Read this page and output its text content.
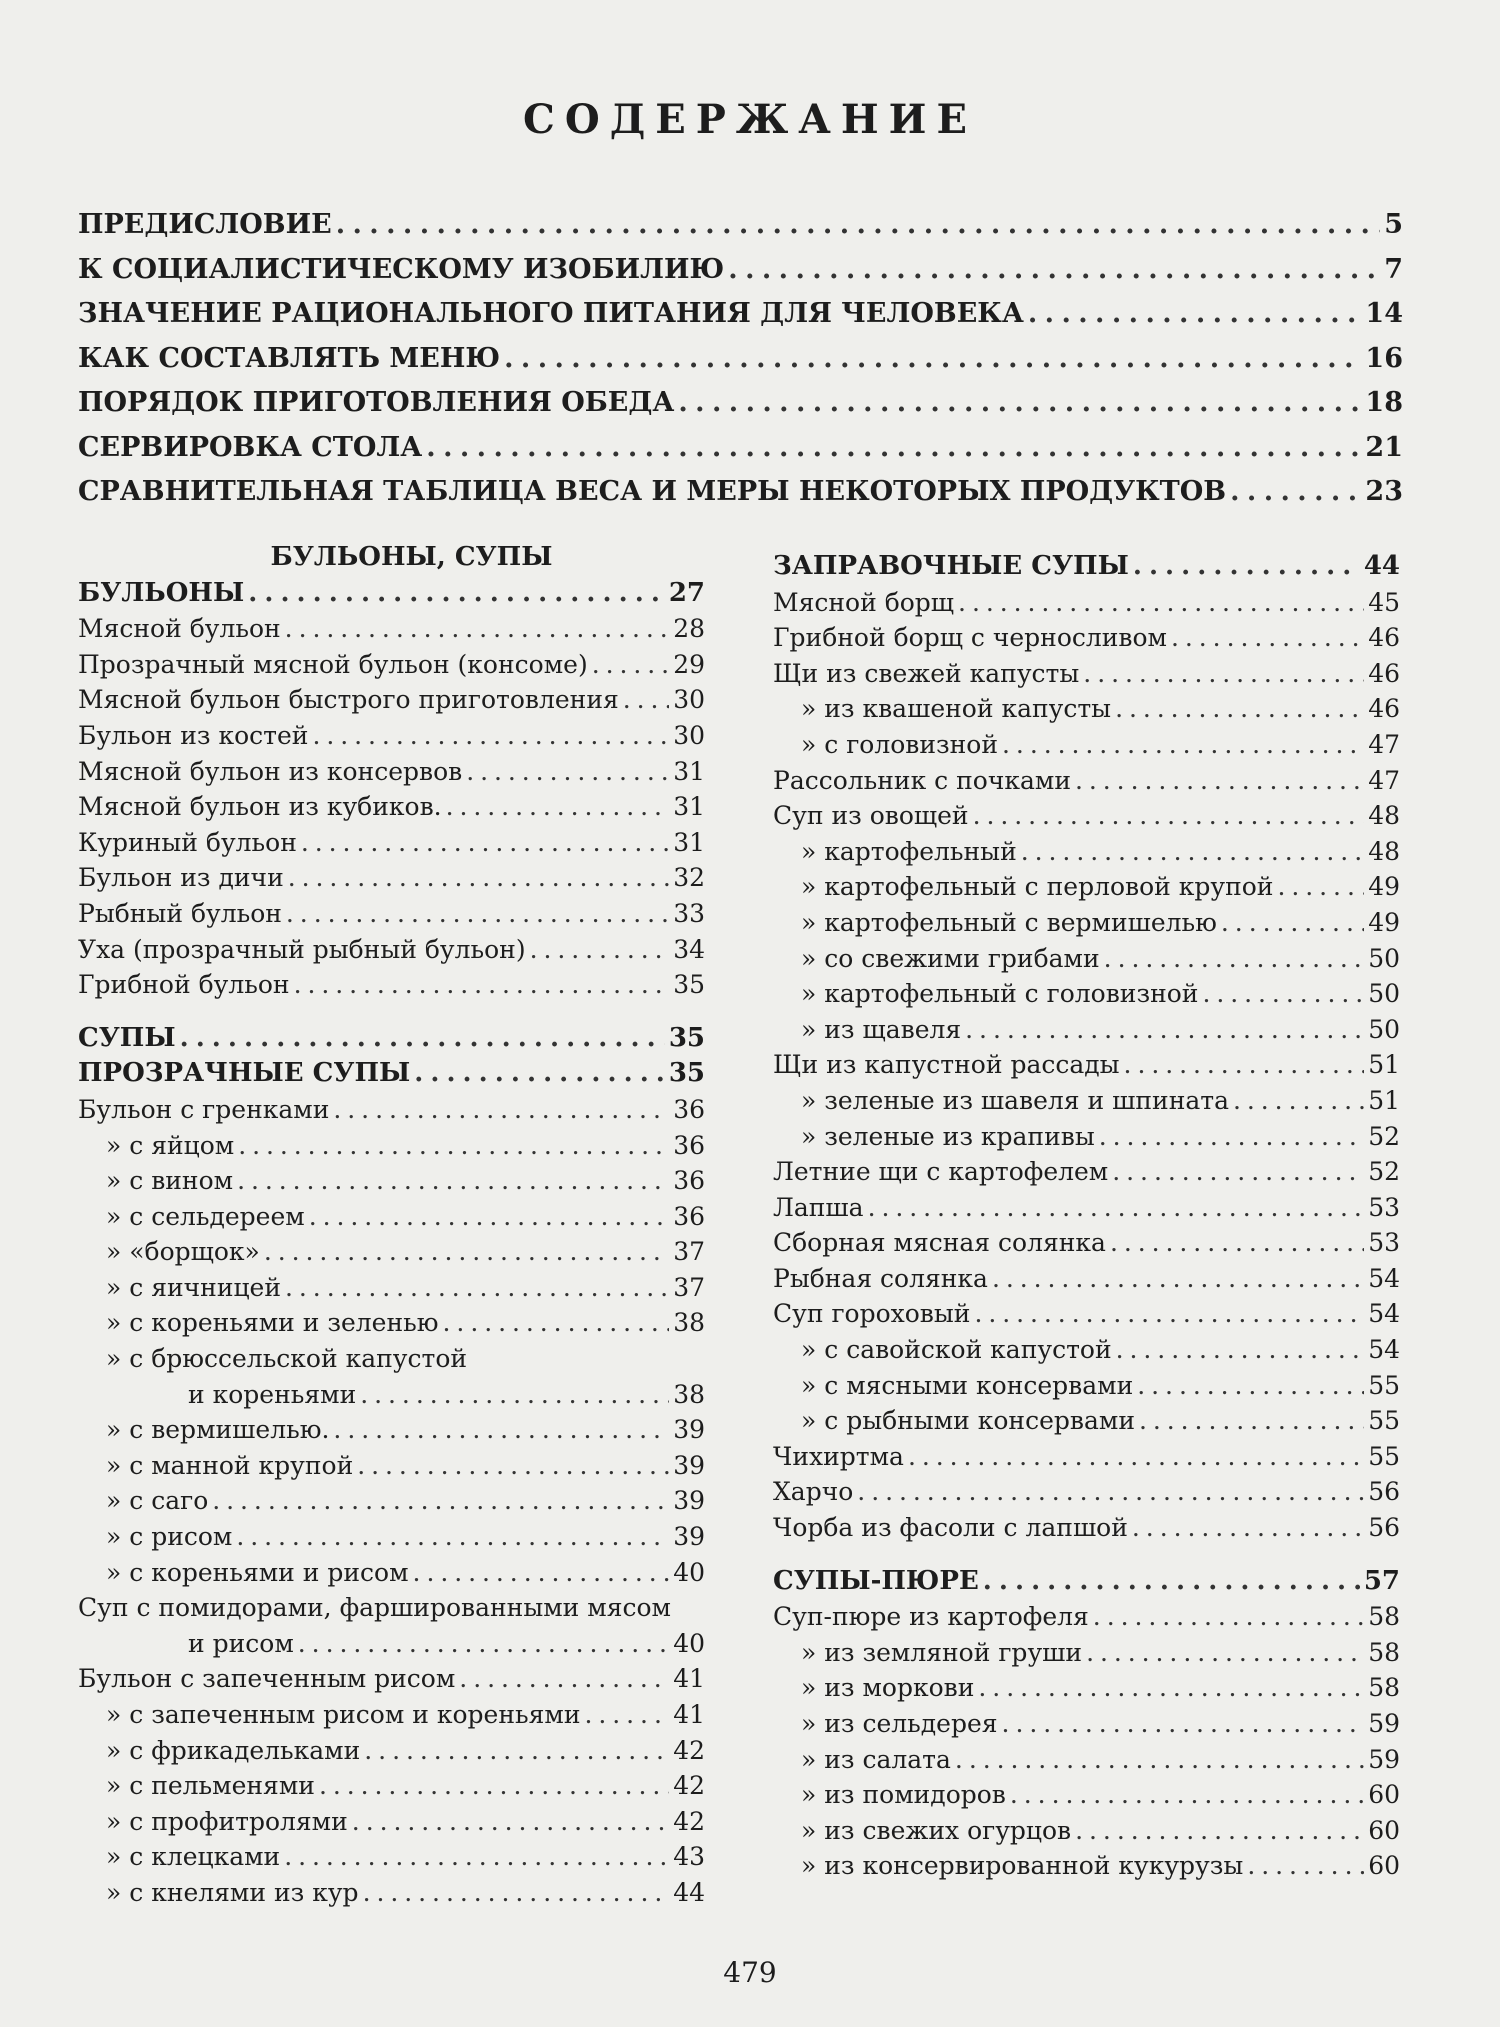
СОДЕРЖАНИЕ
ПРЕДИСЛОВИЕ . . .	5
К СОЦИАЛИСТИЧЕСКОМУ ИЗОБИЛИЮ . . .	7
ЗНАЧЕНИЕ РАЦИОНАЛЬНОГО ПИТАНИЯ ДЛЯ ЧЕЛОВЕКА . . .	14
КАК СОСТАВЛЯТЬ МЕНЮ . . .	16
ПОРЯДОК ПРИГОТОВЛЕНИЯ ОБЕДА . . .	18
СЕРВИРОВКА СТОЛА . . .	21
СРАВНИТЕЛЬНАЯ ТАБЛИЦА ВЕСА И МЕРЫ НЕКОТОРЫХ ПРОДУКТОВ . . .	23
БУЛЬОНЫ, СУПЫ
БУЛЬОНЫ . . .	27
Мясной бульон . . .	28
Прозрачный мясной бульон (консоме) . . .	29
Мясной бульон быстрого приготовления . . . 30
Бульон из костей . . .	30
Мясной бульон из консервов . . .	31
Мясной бульон из кубиков. . . .	31
Куриный бульон . . .	31
Бульон из дичи . . .	32
Рыбный бульон . . .	33
Уха (прозрачный рыбный бульон) . . .	34
Грибной бульон . . .	35
СУПЫ . . .	35
ПРОЗРАЧНЫЕ СУПЫ . . .	35
Бульон с гренками . . .	36
» с яйцом . . .	36
» с вином . . .	36
» с сельдереем . . .	36
» «борщок» . . .	37
» с яичницей . . .	37
» с кореньями и зеленью . . .	38
» с брюссельской капустой
и кореньями . . .	38
» с вермишелью. . . .	39
» с манной крупой . . .	39
» с саго . . .	39
» с рисом . . .	39
» с кореньями и рисом . . .	40
Суп с помидорами, фаршированными мясом
и рисом . . .	40
Бульон с запеченным рисом . . .	41
» с запеченным рисом и кореньями . . .	41
» с фрикадельками . . .	42
» с пельменями . . .	42
» с профитролями . . .	42
» с клецками . . .	43
» с кнелями из кур . . .	44
ЗАПРАВОЧНЫЕ СУПЫ . . .	44
Мясной борщ . . .	45
Грибной борщ с черносливом . . .	46
Щи из свежей капусты . . .	46
» из квашеной капусты . . .	46
» с головизной . . .	47
Рассольник с почками . . .	47
Суп из овощей . . .	48
» картофельный . . .	48
» картофельный с перловой крупой . . .	49
» картофельный с вермишелью . . .	49
» со свежими грибами . . .	50
» картофельный с головизной . . .	50
» из щавеля . . .	50
Щи из капустной рассады . . .	51
» зеленые из шавеля и шпината . . .	51
» зеленые из крапивы . . .	52
Летние щи с картофелем . . .	52
Лапша . . .	53
Сборная мясная солянка . . .	53
Рыбная солянка . . .	54
Суп гороховый . . .	54
» с савойской капустой . . .	54
» с мясными консервами . . .	55
» с рыбными консервами . . .	55
Чихиртма . . .	55
Харчо . . .	56
Чорба из фасоли с лапшой . . .	56
СУПЫ-ПЮРЕ . . .	57
Суп-пюре из картофеля . . .	58
» из земляной груши . . .	58
» из моркови . . .	58
» из сельдерея . . .	59
» из салата . . .	59
» из помидоров . . .	60
» из свежих огурцов . . .	60
» из консервированной кукурузы . . .	60
479
